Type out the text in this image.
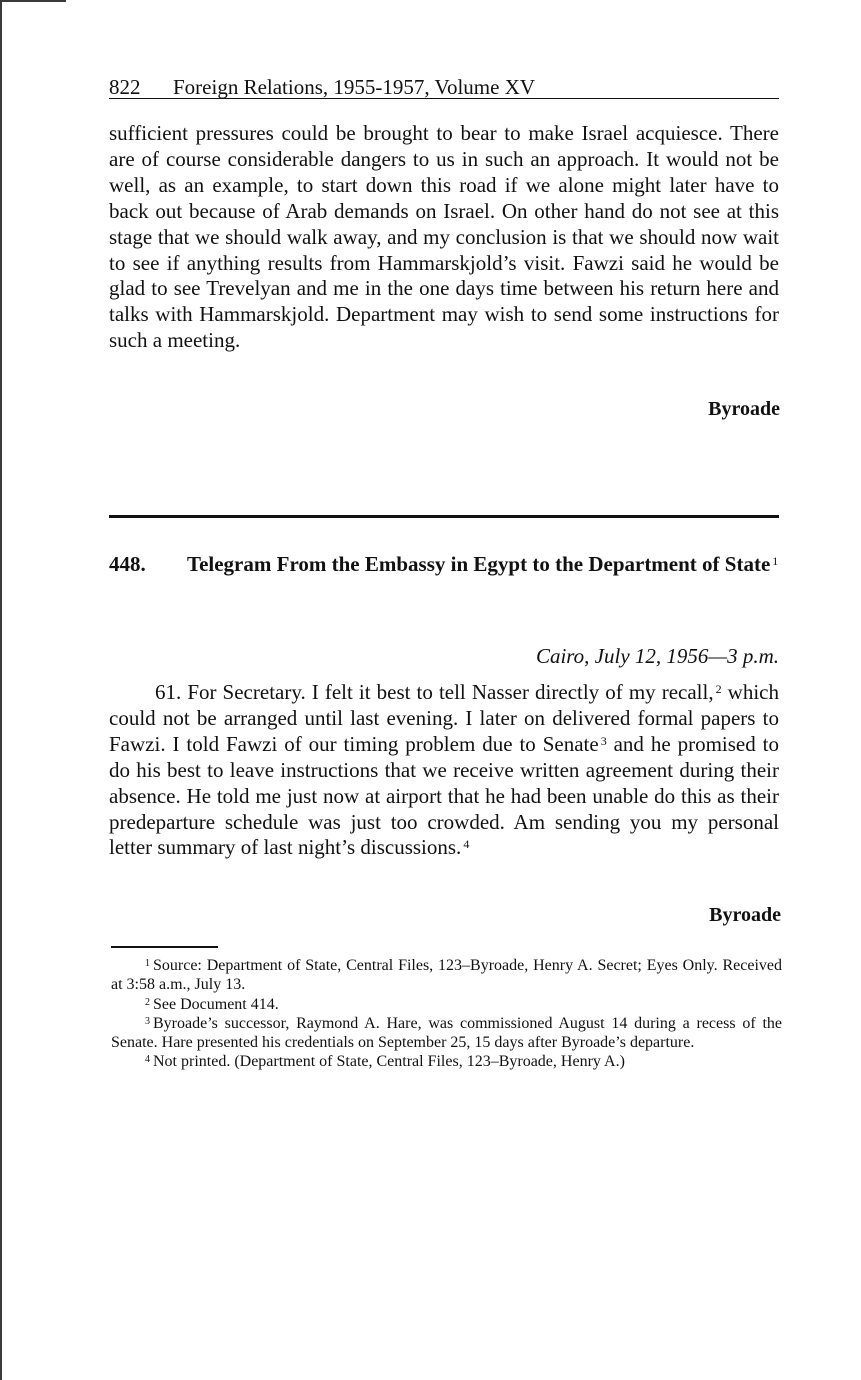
822 Foreign Relations, 1955-1957, Volume XV

sufficient pressures could be brought to bear to make Israel acquiesce. There are of course considerable dangers to us in such an approach. It would not be well, as an example, to start down this road if we alone might later have to back out because of Arab demands on Israel. On other hand do not see at this stage that we should walk away, and my conclusion is that we should now wait to see if anything results from Hammarskjold’s visit. Fawzi said he would be glad to see Trevelyan and me in the one days time between his return here and talks with Hammarskjold. Department may wish to send some instructions for such a meeting.

Byroade
448. Telegram From the Embassy in Egypt to the Department of State $^1$
Cairo, July 12, 1956—3 p.m.

61. For Secretary. I felt it best to tell Nasser directly of my recall, $^2$ which could not be arranged until last evening. I later on delivered formal papers to Fawzi. I told Fawzi of our timing problem due to Senate $^3$ and he promised to do his best to leave instructions that we receive written agreement during their absence. He told me just now at airport that he had been unable do this as their predeparture schedule was just too crowded. Am sending you my personal letter summary of last night’s discussions. $^4$

Byroade

$^1$ Source: Department of State, Central Files, 123–Byroade, Henry A. Secret; Eyes Only. Received at 3:58 a.m., July 13.

$^2$ See Document 414.

$^3$ Byroade’s successor, Raymond A. Hare, was commissioned August 14 during a recess of the Senate. Hare presented his credentials on September 25, 15 days after Byroade’s departure.

$^4$ Not printed. (Department of State, Central Files, 123–Byroade, Henry A.)
